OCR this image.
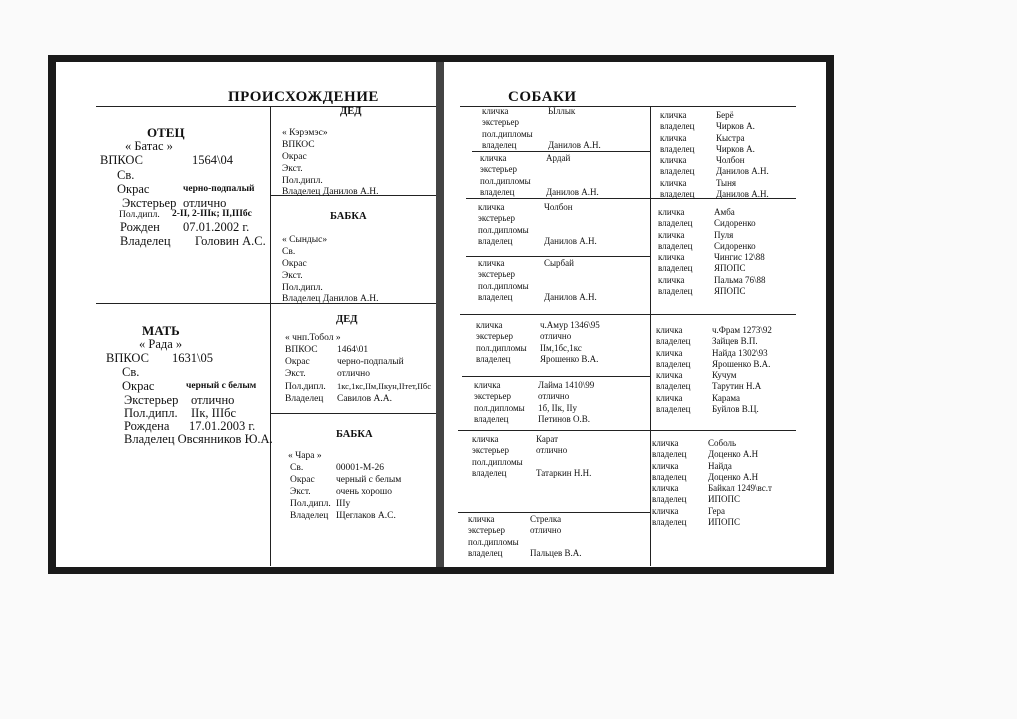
ПРОИСХОЖДЕНИЕ	СОБАКИ
ОТЕЦ
« Батас »
ВПКОС	1564\04
Св.
Окрас	черно-подпалый
Экстерьер отлично
Пол.дипл. 2-II, 2-IIIк; II,IIIбс
Рожден 07.01.2002 г.
Владелец Головин А.С.
МАТЬ
« Рада »
ВПКОС 1631\05
Св.
Окрас	черный с белым
Экстерьер отлично
Пол.дипл. IIк, IIIбс
Рождена 17.01.2003 г.
Владелец Овсянников Ю.А.
ДЕД
« Кэрэмэс»
ВПКОС
Окрас
Экст.
Пол.дипл.
Владелец Данилов А.Н.
БАБКА
« Сындыс»
Св.
Окрас
Экст.
Пол.дипл.
Владелец Данилов А.Н.
ДЕД
« чнп.Тобол »
ВПКОС 1464\01
Окрас	черно-подпалый
Экст.	отлично
Пол.дипл. 1кс,1кс,IIм,IIкун,IIтет,IIбс
Владелец Савилов А.А.
БАБКА
« Чара »
Св.	00001-М-26
Окрас черный с белым
Экст.	очень хорошо
Пол.дипл. IIIу
Владелец Щеглаков А.С.
кличка	Ыллык
экстерьер
пол.дипломы
владелец	Данилов А.Н.
кличка	Ардай
экстерьер
пол.дипломы
владелец	Данилов А.Н.
кличка	Чолбон
экстерьер
пол.дипломы
владелец	Данилов А.Н.
кличка	Сырбай
экстерьер
пол.дипломы
владелец	Данилов А.Н.
кличка	ч.Амур 1346\95
экстерьер	отлично
пол.дипломы IIм,1бс,1кс
владелец	Ярошенко В.А.
кличка	Лайма 1410\99
экстерьер	отлично
пол.дипломы 1б, IIк, IIу
владелец	Петинов О.В.
кличка	Карат
экстерьер	отлично
пол.дипломы
владелец	Татаркин Н.Н.
кличка	Стрелка
экстерьер	отлично
пол.дипломы
владелец	Пальцев В.А.
кличка	Берё
владелец Чирков А.
кличка	Кыстра
владелец Чирков А.
кличка	Чолбон
владелец Данилов А.Н.
кличка	Тыня
владелец Данилов А.Н.
кличка	Амба
владелец Сидоренко
кличка	Пуля
владелец Сидоренко
кличка	Чингис 12\88
владелец ЯПОПС
кличка	Пальма 76\88
владелец ЯПОПС
кличка	ч.Фрам 1273\92
владелец Зайцев В.П.
кличка	Найда 1302\93
владелец Ярошенко В.А.
кличка	Кучум
владелец Тарутин Н.А
кличка	Карама
владелец Буйлов В.Ц.
кличка	Соболь
владелец Доценко А.Н
кличка	Найда
владелец Доценко А.Н
кличка	Байкал 1249\вс.т
владелец ИПОПС
кличка	Гера
владелец ИПОПС
